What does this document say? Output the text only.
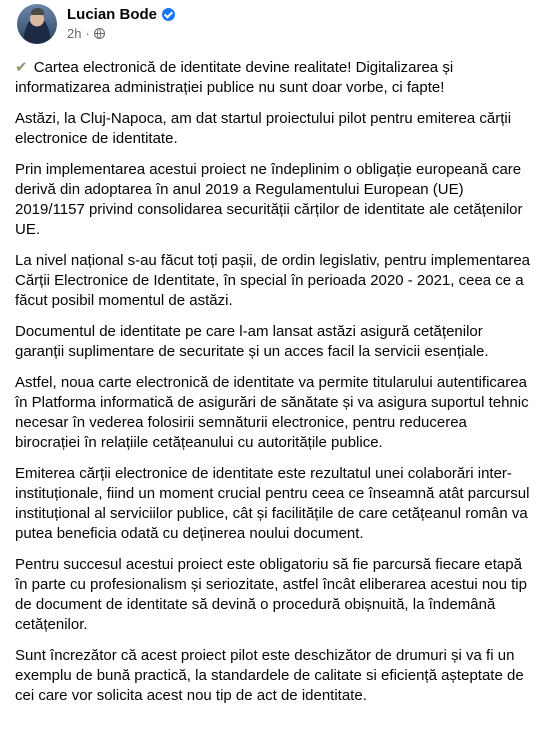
Lucian Bode
2h ·

✔ Cartea electronică de identitate devine realitate! Digitalizarea și informatizarea administrației publice nu sunt doar vorbe, ci fapte!

Astăzi, la Cluj-Napoca, am dat startul proiectului pilot pentru emiterea cărții electronice de identitate.

Prin implementarea acestui proiect ne îndeplinim o obligație europeană care derivă din adoptarea în anul 2019 a Regulamentului European (UE) 2019/1157 privind consolidarea securității cărților de identitate ale cetățenilor UE.

La nivel național s-au făcut toți pașii, de ordin legislativ, pentru implementarea Cărții Electronice de Identitate, în special în perioada 2020 - 2021, ceea ce a făcut posibil momentul de astăzi.

Documentul de identitate pe care l-am lansat astăzi asigură cetățenilor garanții suplimentare de securitate și un acces facil la servicii esențiale.

Astfel, noua carte electronică de identitate va permite titularului autentificarea în Platforma informatică de asigurări de sănătate și va asigura suportul tehnic necesar în vederea folosirii semnăturii electronice, pentru reducerea birocrației în relațiile cetățeanului cu autoritățile publice.

Emiterea cărții electronice de identitate este rezultatul unei colaborări inter-instituționale, fiind un moment crucial pentru ceea ce înseamnă atât parcursul instituțional al serviciilor publice, cât și facilitățile de care cetățeanul român va putea beneficia odată cu deținerea noului document.

Pentru succesul acestui proiect este obligatoriu să fie parcursă fiecare etapă în parte cu profesionalism și seriozitate, astfel încât eliberarea acestui nou tip de document de identitate să devină o procedură obișnuită, la îndemână cetățenilor.

Sunt încrezător că acest proiect pilot este deschizător de drumuri și va fi un exemplu de bună practică, la standardele de calitate si eficiență așteptate de cei care vor solicita acest nou tip de act de identitate.
